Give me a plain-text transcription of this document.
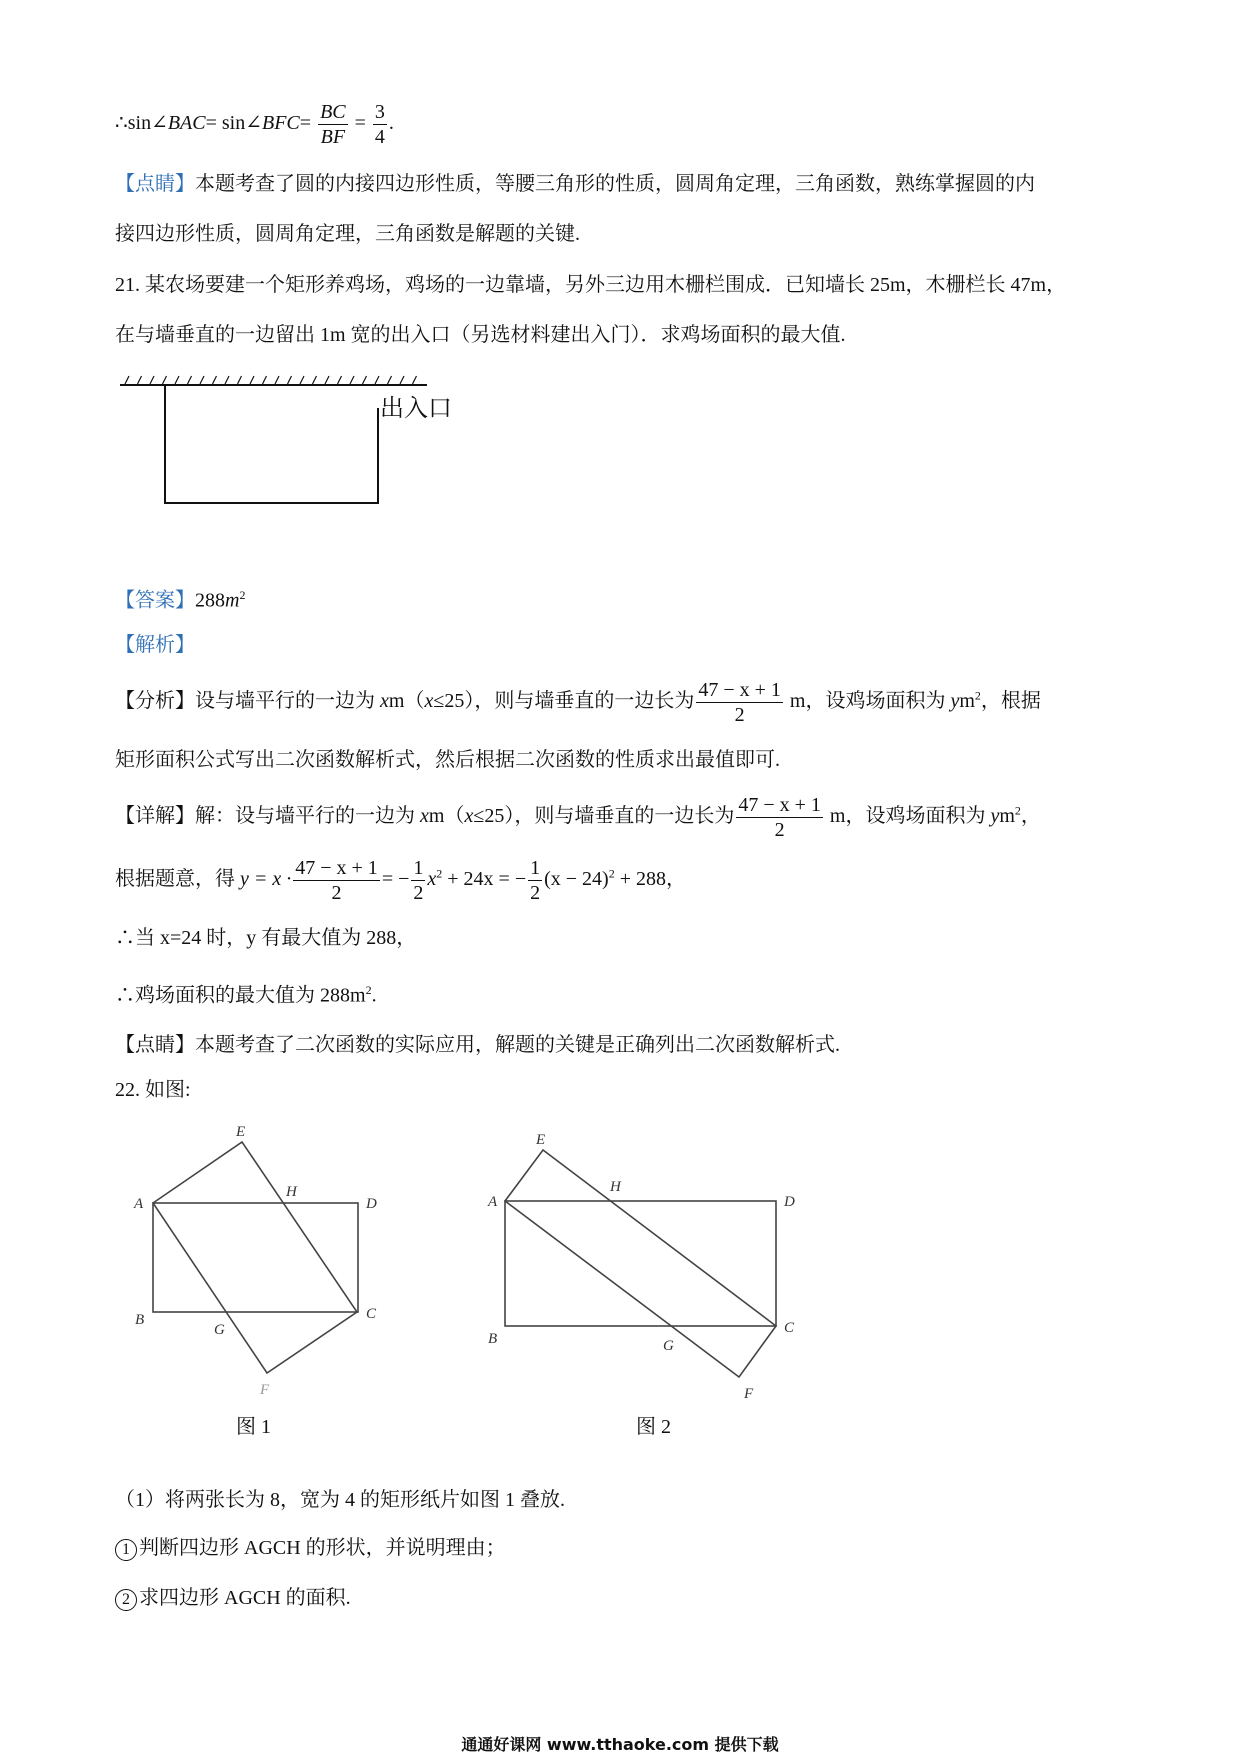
∴sin∠BAC= sin∠BFC= $\frac{BC}{BF} = \frac{3}{4}$ .
【点睛】本题考查了圆的内接四边形性质，等腰三角形的性质，圆周角定理，三角函数，熟练掌握圆的内
接四边形性质，圆周角定理，三角函数是解题的关键.
21. 某农场要建一个矩形养鸡场，鸡场的一边靠墙，另外三边用木栅栏围成．已知墙长 25m，木栅栏长 47m，
在与墙垂直的一边留出 1m 宽的出入口（另选材料建出入门）．求鸡场面积的最大值.
A
E
H
D
B
G
C
F
A
E
H
D
B	G
C
F
出入口
【答案】$288m^2$
【解析】
【分析】设与墙平行的一边为 xm（x≤25），则与墙垂直的一边长为 $\frac{47 - x + 1}{2}$ m，设鸡场面积为 $ym^2$，根据
矩形面积公式写出二次函数解析式，然后根据二次函数的性质求出最值即可.
【详解】解：设与墙平行的一边为 xm（x≤25），则与墙垂直的一边长为 $\frac{47 - x + 1}{2}$ m，设鸡场面积为 $ym^2$，
根据题意，得 $y = x \cdot \frac{47 - x + 1}{2}$ = − $\frac{1}{2} x^2 + 24x$ = − $\frac{1}{2} (x - 24)^2 + 288$，
∴当 x=24 时，y 有最大值为 288，
∴鸡场面积的最大值为 $288m^2$.
【点睛】本题考查了二次函数的实际应用，解题的关键是正确列出二次函数解析式.
22. 如图:
图 1	图 2
（1）将两张长为 8，宽为 4 的矩形纸片如图 1 叠放.
1 判断四边形 AGCH 的形状，并说明理由；
2 求四边形 AGCH 的面积.
通通好课网 www.tthaoke.com 提供下载
